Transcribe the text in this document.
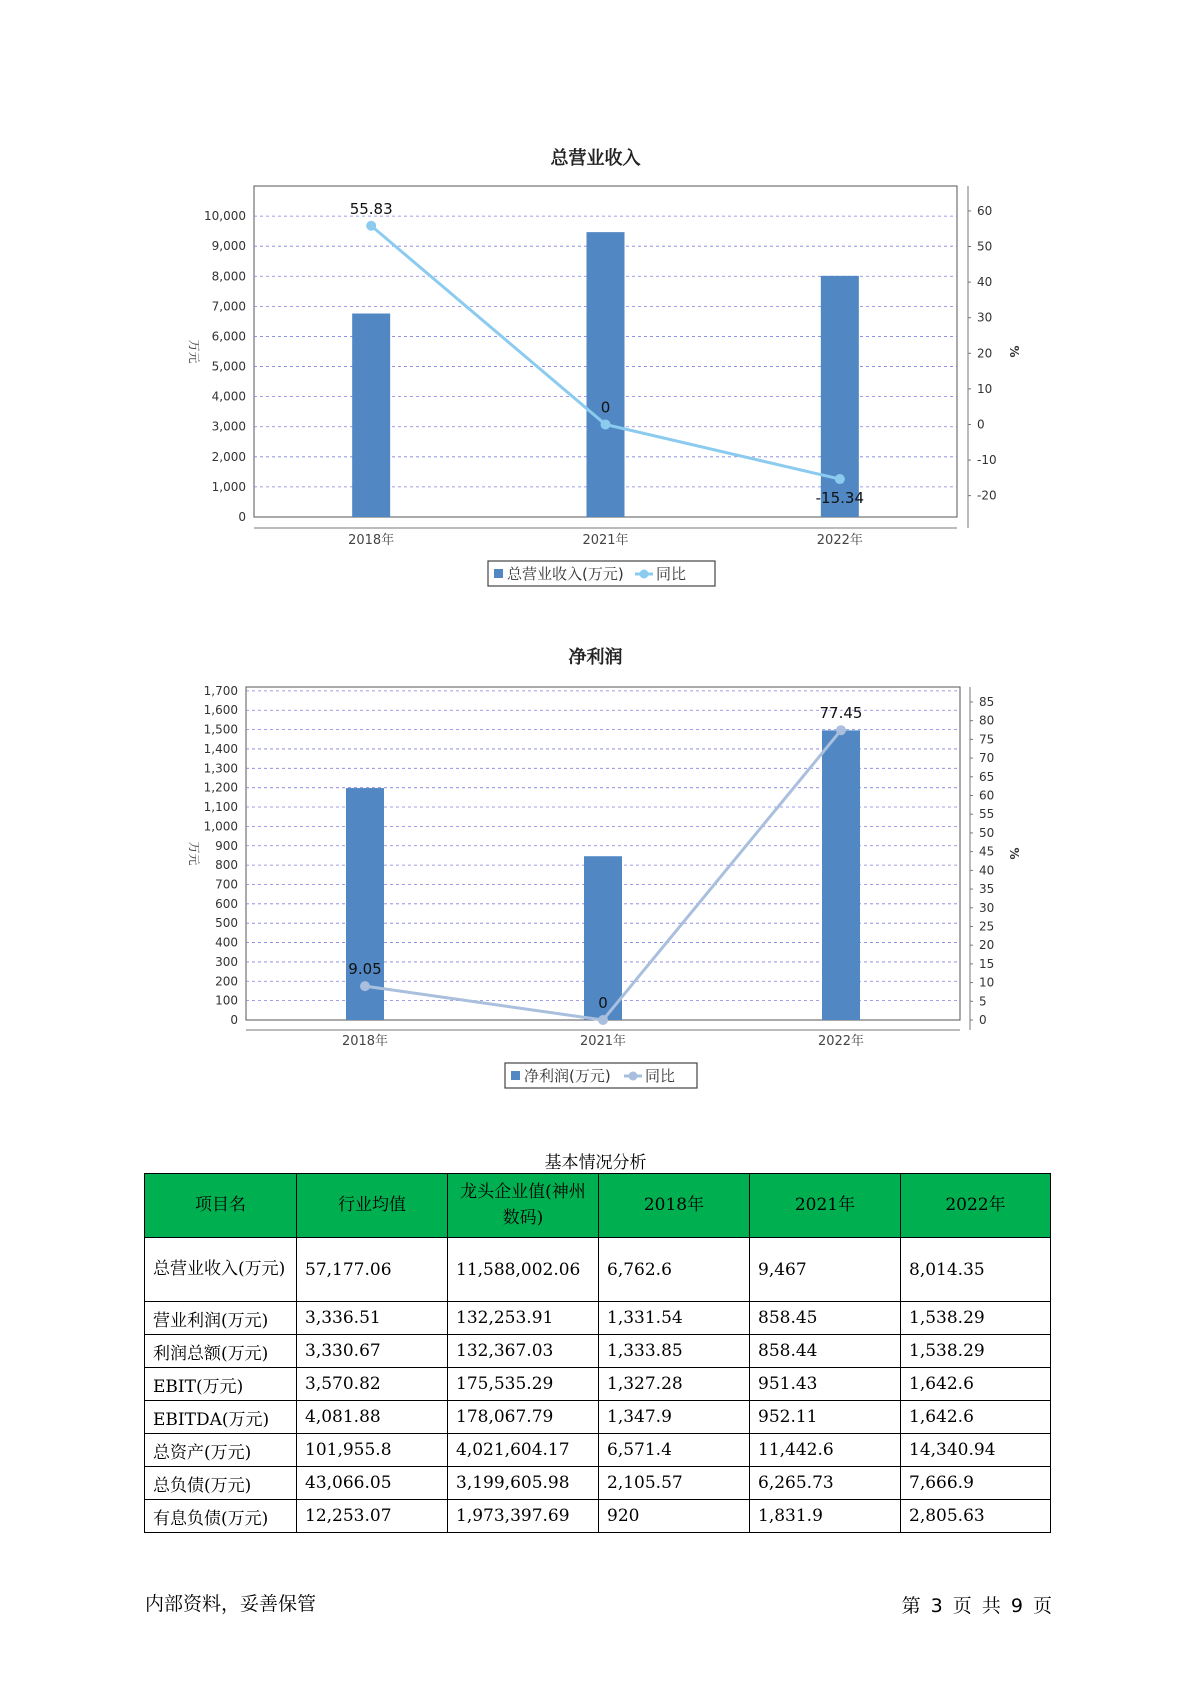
总营业收入
0
1,000
2,000
3,000
4,000
5,000
6,000
7,000
8,000
9,000
10,000
-20
-10
0
10
20
30
40
50
60
万元	%
2018年	2021年	2022年
55.83
0
-15.34
总营业收入(万元) 同比
净利润
0
100
200
300
400
500
600
700
800
900
1,000
1,100
1,200
1,300
1,400
1,500
1,600
1,700
0
5
10
15
20
25
30
35
40
45
50
55
60
65
70
75
80
85
万元	%
2018年	2021年	2022年
9.05
0
77.45
净利润(万元) 同比
基本情况分析
项目名	行业均值	龙头企业值(神州数码)	2018年	2021年	2022年
总营业收入(万元)	57,177.06	11,588,002.06	6,762.6	9,467	8,014.35
营业利润(万元)	3,336.51	132,253.91	1,331.54	858.45	1,538.29
利润总额(万元)	3,330.67	132,367.03	1,333.85	858.44	1,538.29
EBIT(万元)	3,570.82	175,535.29	1,327.28	951.43	1,642.6
EBITDA(万元)	4,081.88	178,067.79	1,347.9	952.11	1,642.6
总资产(万元)	101,955.8	4,021,604.17	6,571.4	11,442.6	14,340.94
总负债(万元)	43,066.05	3,199,605.98	2,105.57	6,265.73	7,666.9
有息负债(万元)	12,253.07	1,973,397.69	920	1,831.9	2,805.63
内部资料，妥善保管	第 3 页 共 9 页
